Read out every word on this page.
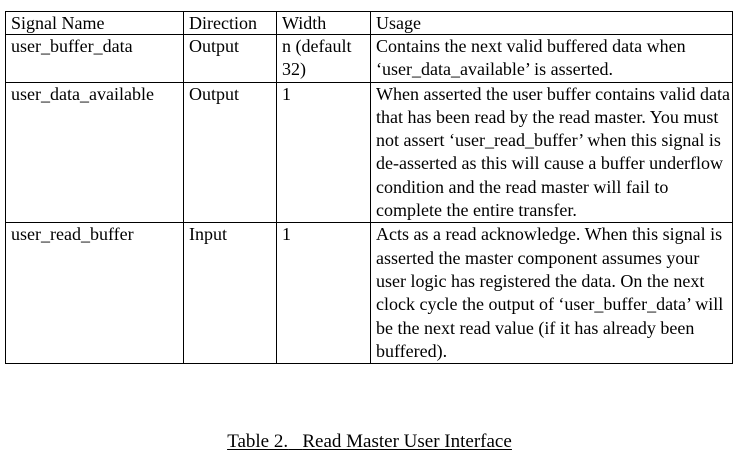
Signal Name	Direction	Width	Usage
user_buffer_data	Output	n (default 32)	Contains the next valid buffered data when ‘user_data_available’ is asserted.
user_data_available	Output	1	When asserted the user buffer contains valid data that has been read by the read master. You must not assert ‘user_read_buffer’ when this signal is de-asserted as this will cause a buffer underflow condition and the read master will fail to complete the entire transfer.
user_read_buffer	Input	1	Acts as a read acknowledge. When this signal is asserted the master component assumes your user logic has registered the data. On the next clock cycle the output of ‘user_buffer_data’ will be the next read value (if it has already been buffered).
Table 2. Read Master User Interface
